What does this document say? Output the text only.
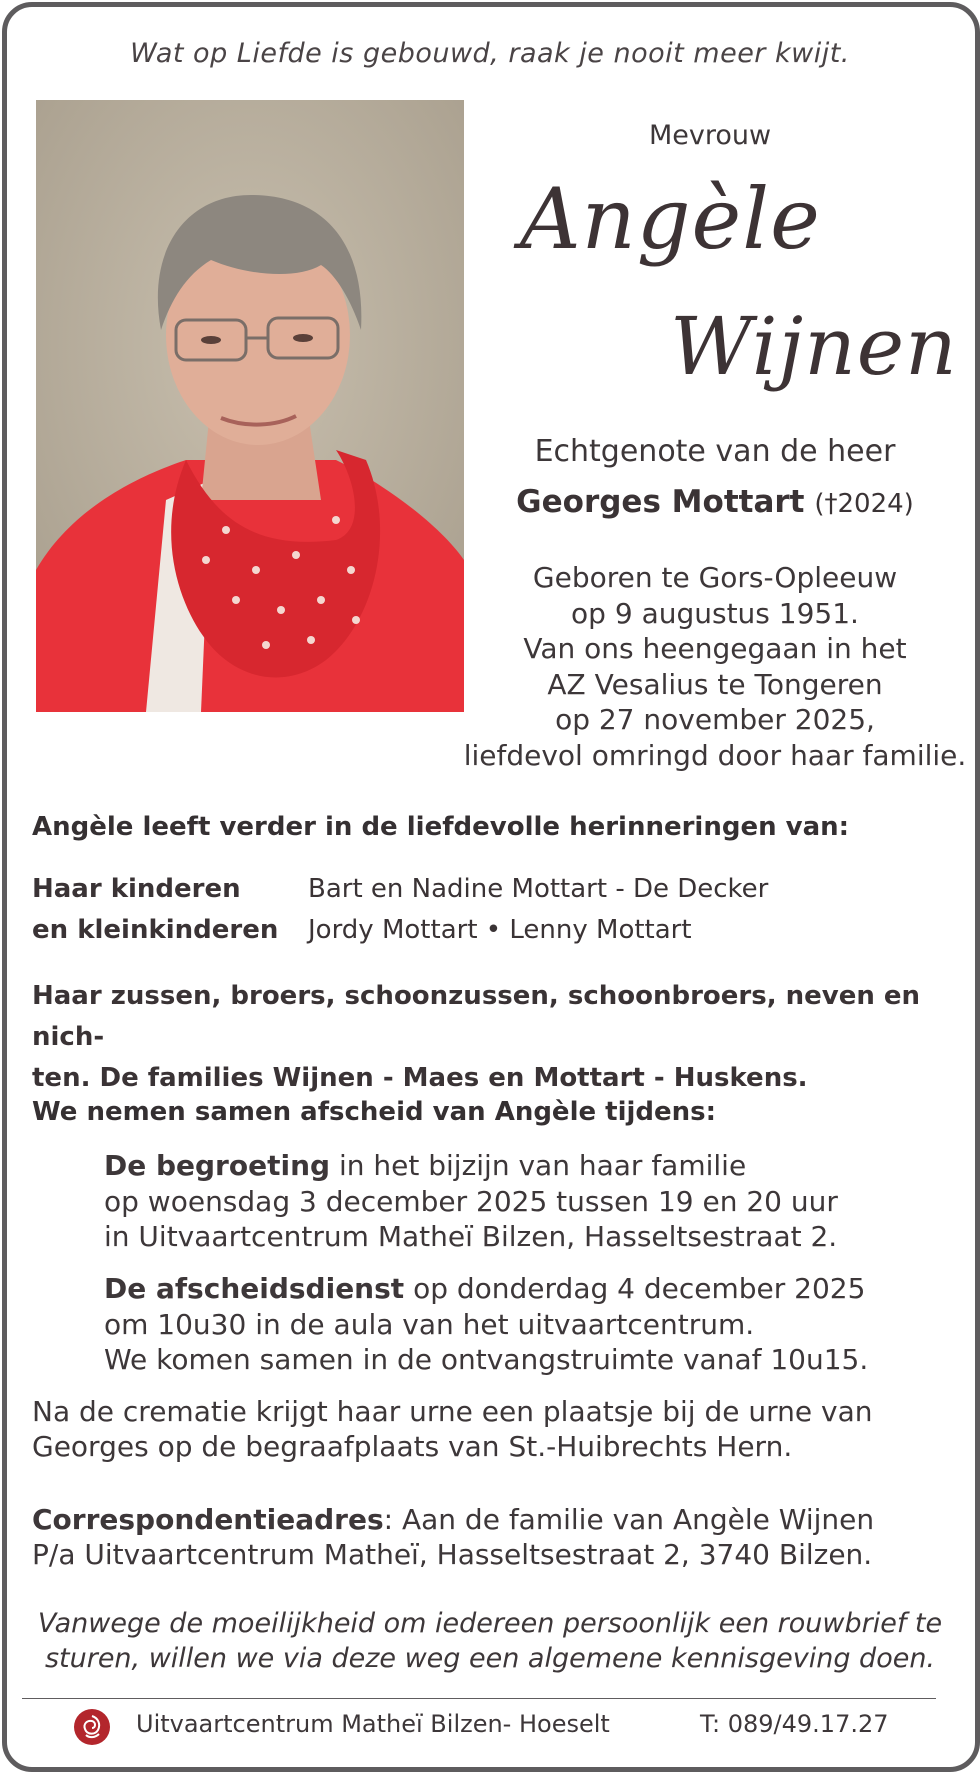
Wat op Liefde is gebouwd, raak je nooit meer kwijt.
Mevrouw
Angèle
Wijnen
Echtgenote van de heer
Georges Mottart (†2024)
Geboren te Gors-Opleeuw
op 9 augustus 1951.
Van ons heengegaan in het
AZ Vesalius te Tongeren
op 27 november 2025,
liefdevol omringd door haar familie.
Angèle leeft verder in de liefdevolle herinneringen van:
Haar kinderen	Bart en Nadine Mottart - De Decker
en kleinkinderen Jordy Mottart • Lenny Mottart
Haar zussen, broers, schoonzussen, schoonbroers, neven en nich-
ten. De families Wijnen - Maes en Mottart - Huskens.
We nemen samen afscheid van Angèle tijdens:
De begroeting in het bijzijn van haar familie
op woensdag 3 december 2025 tussen 19 en 20 uur
in Uitvaartcentrum Matheï Bilzen, Hasseltsestraat 2.
De afscheidsdienst op donderdag 4 december 2025
om 10u30 in de aula van het uitvaartcentrum.
We komen samen in de ontvangstruimte vanaf 10u15.
Na de crematie krijgt haar urne een plaatsje bij de urne van
Georges op de begraafplaats van St.-Huibrechts Hern.
Correspondentieadres: Aan de familie van Angèle Wijnen
P/a Uitvaartcentrum Matheï, Hasseltsestraat 2, 3740 Bilzen.
Vanwege de moeilijkheid om iedereen persoonlijk een rouwbrief te
sturen, willen we via deze weg een algemene kennisgeving doen.
Uitvaartcentrum Matheï Bilzen- Hoeselt	T: 089/49.17.27
